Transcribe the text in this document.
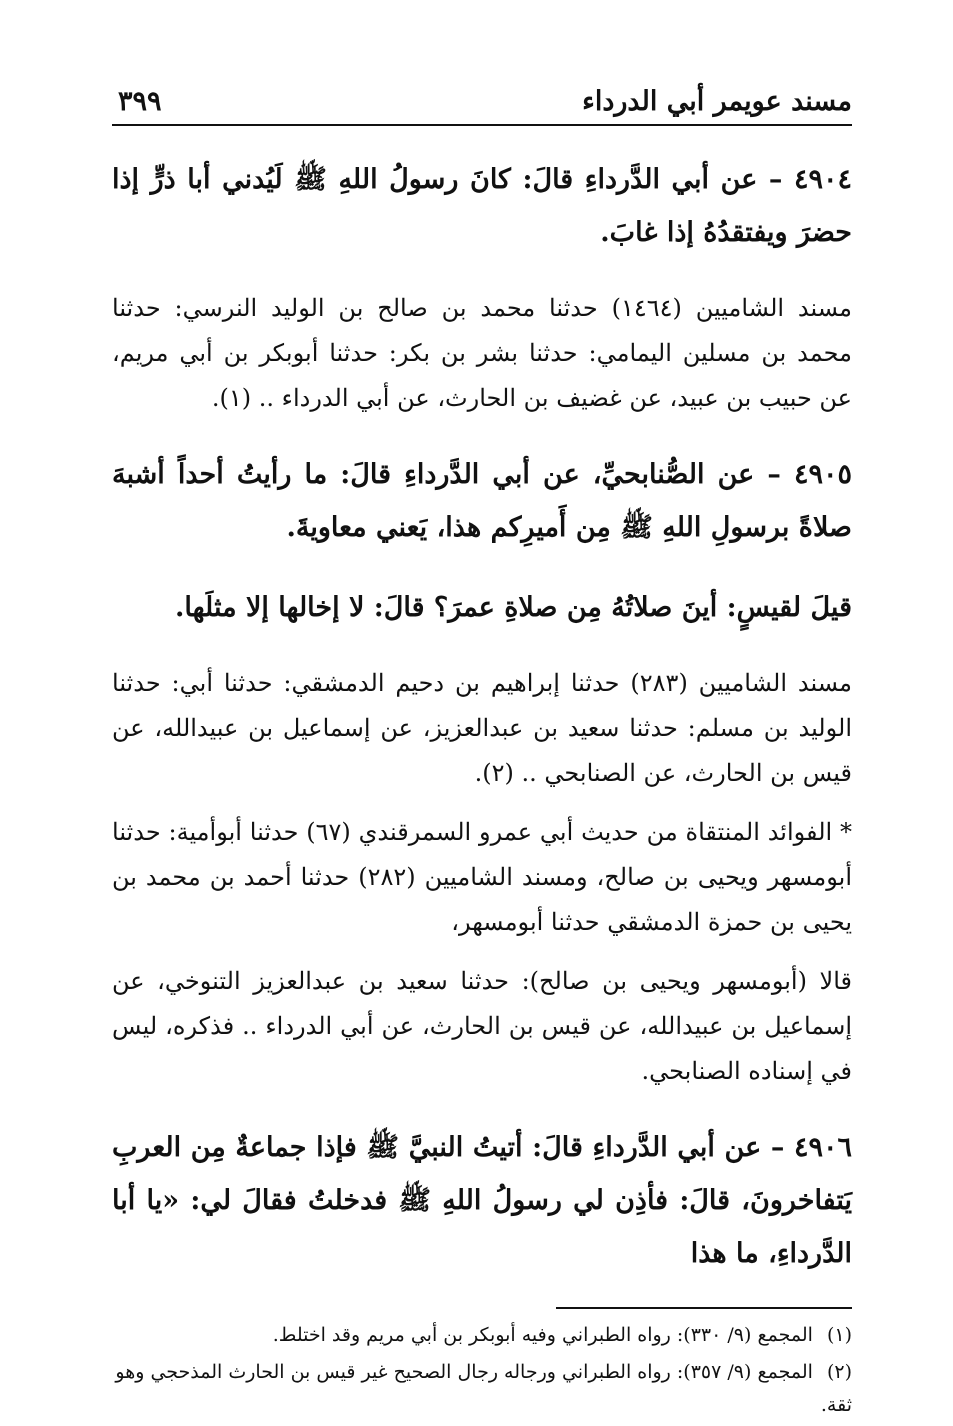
مسند عويمر أبي الدرداء
٣٩٩

٤٩٠٤ – عن أبي الدَّرداءِ قالَ: كانَ رسولُ اللهِ ﷺ لَيُدني أبا ذرٍّ إذا حضرَ ويفتقدُهُ إذا غابَ.

مسند الشاميين (١٤٦٤) حدثنا محمد بن صالح بن الوليد النرسي: حدثنا محمد بن مسلين اليمامي: حدثنا بشر بن بكر: حدثنا أبوبكر بن أبي مريم، عن حبيب بن عبيد، عن غضيف بن الحارث، عن أبي الدرداء .. (١).

٤٩٠٥ – عن الصُّنابحيِّ، عن أبي الدَّرداءِ قالَ: ما رأيتُ أحداً أشبهَ صلاةً برسولِ اللهِ ﷺ مِن أَميرِكم هذا، يَعني معاويةَ.

قيلَ لقيسٍ: أينَ صلاتُهُ مِن صلاةِ عمرَ؟ قالَ: لا إخالها إلا مثلَها.

مسند الشاميين (٢٨٣) حدثنا إبراهيم بن دحيم الدمشقي: حدثنا أبي: حدثنا الوليد بن مسلم: حدثنا سعيد بن عبدالعزيز، عن إسماعيل بن عبيدالله، عن قيس بن الحارث، عن الصنابحي .. (٢).

* الفوائد المنتقاة من حديث أبي عمرو السمرقندي (٦٧) حدثنا أبوأمية: حدثنا أبومسهر ويحيى بن صالح، ومسند الشاميين (٢٨٢) حدثنا أحمد بن محمد بن يحيى بن حمزة الدمشقي حدثنا أبومسهر،

قالا (أبومسهر ويحيى بن صالح): حدثنا سعيد بن عبدالعزيز التنوخي، عن إسماعيل بن عبيدالله، عن قيس بن الحارث، عن أبي الدرداء .. فذكره، ليس في إسناده الصنابحي.

٤٩٠٦ – عن أبي الدَّرداءِ قالَ: أتيتُ النبيَّ ﷺ فإذا جماعةٌ مِن العربِ يَتفاخرونَ، قالَ: فأذِن لي رسولُ اللهِ ﷺ فدخلتُ فقالَ لي: «يا أبا الدَّرداءِ، ما هذا

(١) المجمع (٩/ ٣٣٠): رواه الطبراني وفيه أبوبكر بن أبي مريم وقد اختلط.

(٢) المجمع (٩/ ٣٥٧): رواه الطبراني ورجاله رجال الصحيح غير قيس بن الحارث المذحجي وهو ثقة.
